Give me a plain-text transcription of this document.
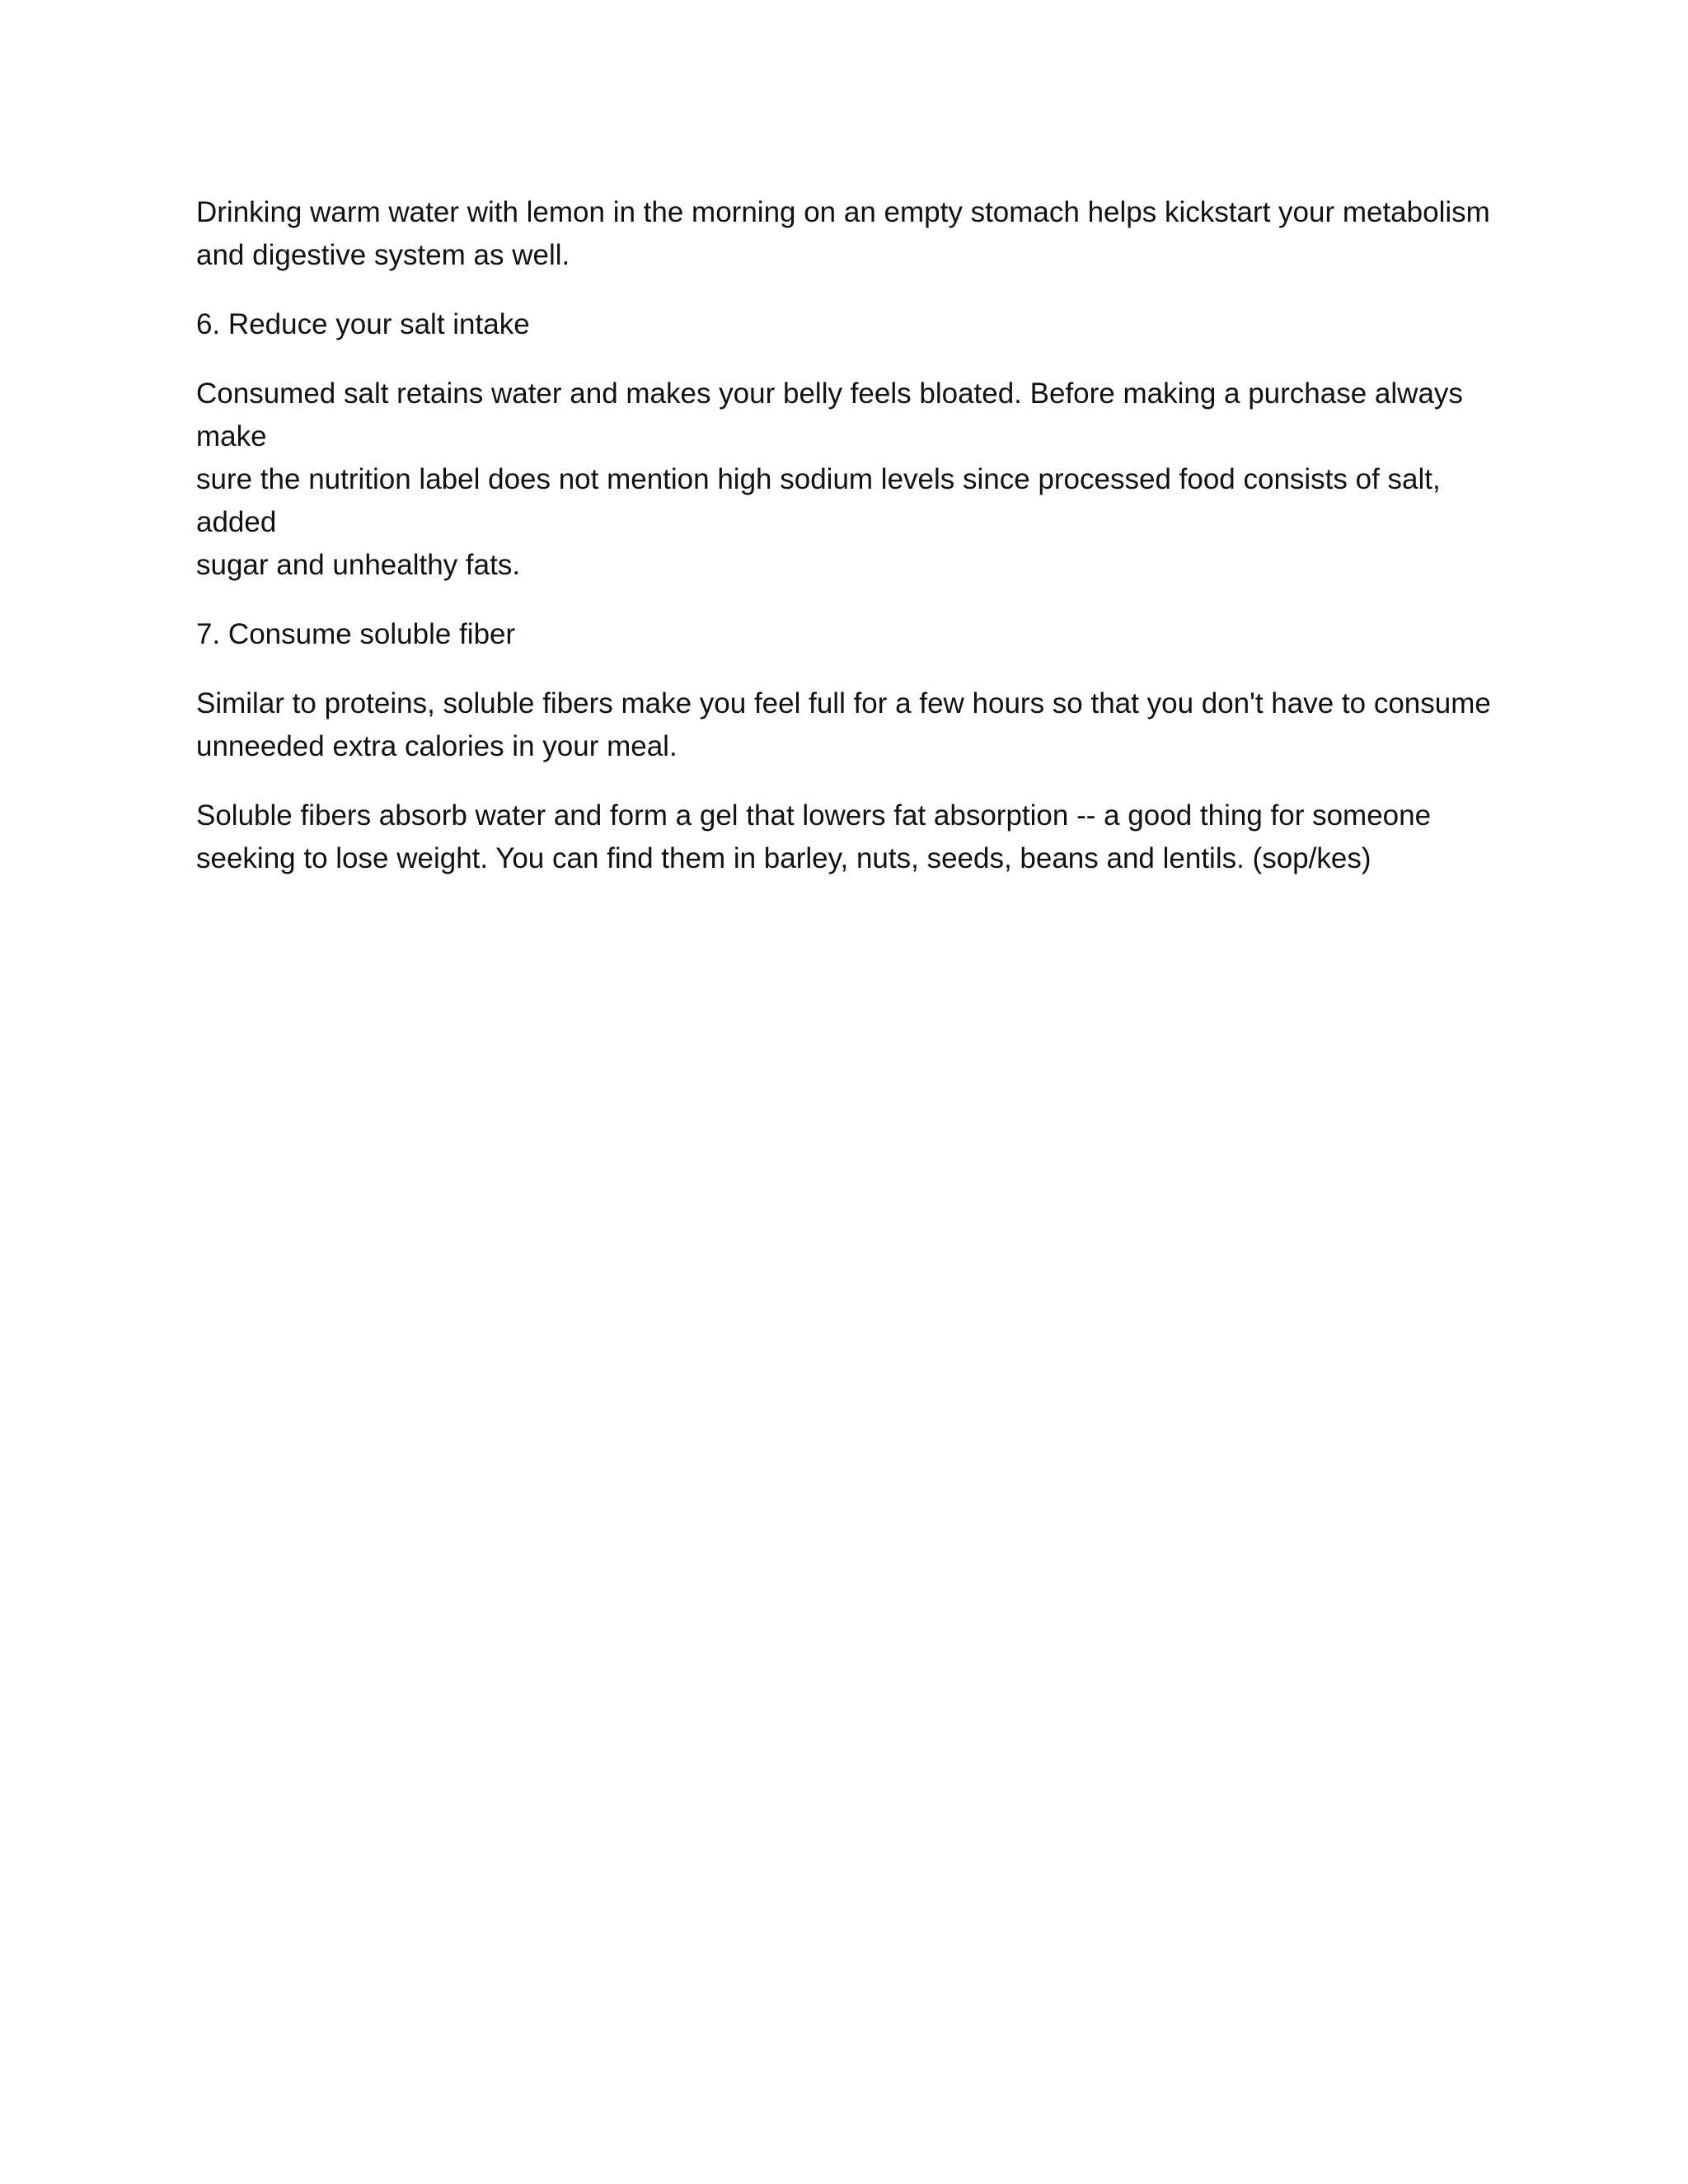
Drinking warm water with lemon in the morning on an empty stomach helps kickstart your metabolism
and digestive system as well.

6. Reduce your salt intake

Consumed salt retains water and makes your belly feels bloated. Before making a purchase always make
sure the nutrition label does not mention high sodium levels since processed food consists of salt, added
sugar and unhealthy fats.

7. Consume soluble fiber

Similar to proteins, soluble fibers make you feel full for a few hours so that you don't have to consume
unneeded extra calories in your meal.

Soluble fibers absorb water and form a gel that lowers fat absorption -- a good thing for someone
seeking to lose weight. You can find them in barley, nuts, seeds, beans and lentils. (sop/kes)
